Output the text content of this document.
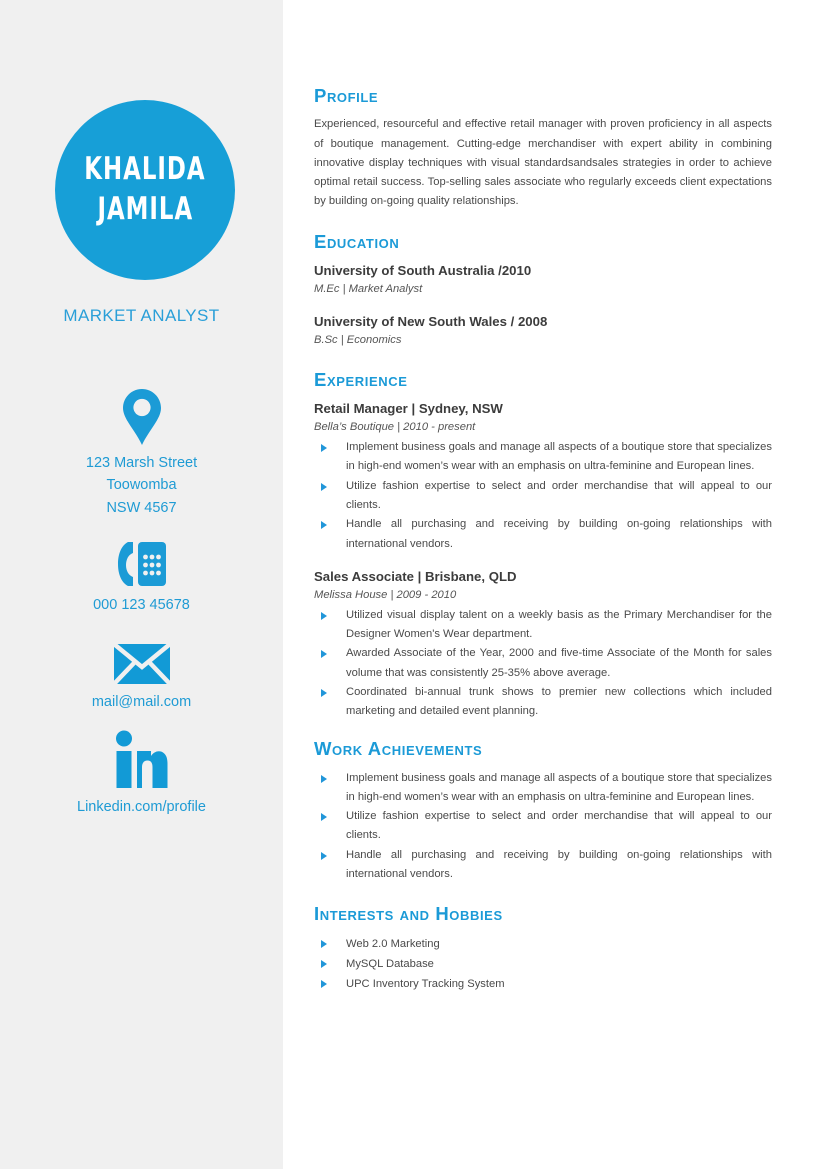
KHALIDA
JAMILA
MARKET ANALYST
123 Marsh Street
Toowomba
NSW 4567
000 123 45678
mail@mail.com
Linkedin.com/profile
Profile

Experienced, resourceful and effective retail manager with proven proficiency in all aspects of boutique management. Cutting-edge merchandiser with expert ability in combining innovative display techniques with visual standardsandsales strategies in order to achieve optimal retail success. Top-selling sales associate who regularly exceeds client expectations by building on-going quality relationships.

Education
University of South Australia /2010
M.Ec | Market Analyst
University of New South Wales / 2008
B.Sc | Economics
Experience
Retail Manager | Sydney, NSW
Bella’s Boutique | 2010 - present
Implement business goals and manage all aspects of a boutique store that specializes in high-end women’s wear with an emphasis on ultra-feminine and European lines.
Utilize fashion expertise to select and order merchandise that will appeal to our clients.
Handle all purchasing and receiving by building on-going relationships with international vendors.
Sales Associate | Brisbane, QLD
Melissa House | 2009 - 2010
Utilized visual display talent on a weekly basis as the Primary Merchandiser for the Designer Women's Wear department.
Awarded Associate of the Year, 2000 and five-time Associate of the Month for sales volume that was consistently 25-35% above average.
Coordinated bi-annual trunk shows to premier new collections which included marketing and detailed event planning.
Work Achievements
Implement business goals and manage all aspects of a boutique store that specializes in high-end women’s wear with an emphasis on ultra-feminine and European lines.
Utilize fashion expertise to select and order merchandise that will appeal to our clients.
Handle all purchasing and receiving by building on-going relationships with international vendors.
Interests and Hobbies
Web 2.0 Marketing
MySQL Database
UPC Inventory Tracking System
